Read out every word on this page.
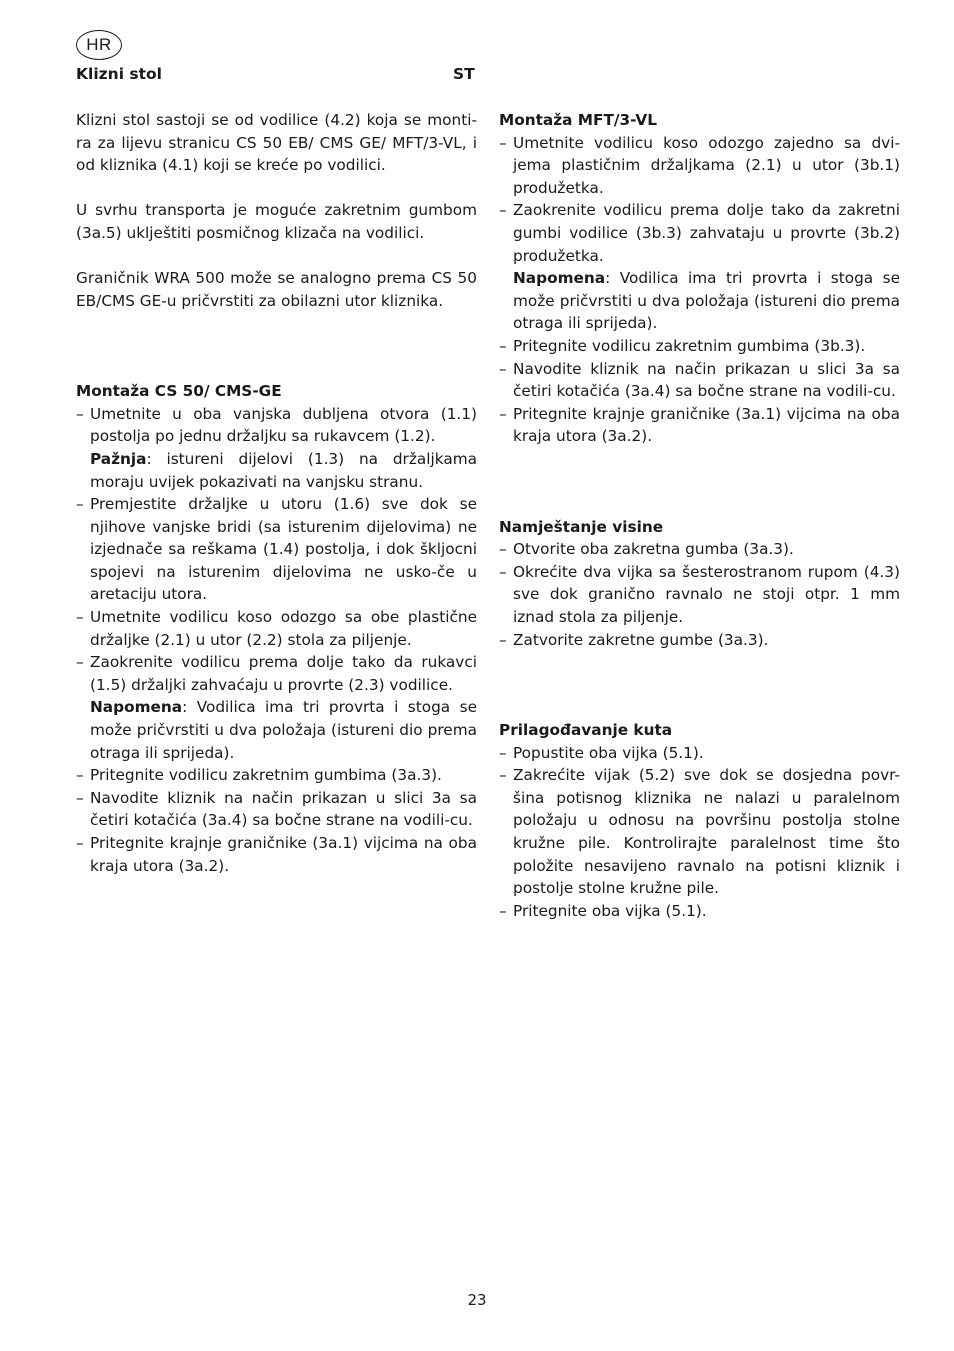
HR
Klizni stol	ST

Klizni stol sastoji se od vodilice (4.2) koja se monti-ra za lijevu stranicu CS 50 EB/ CMS GE/ MFT/3-VL, i od kliznika (4.1) koji se kreće po vodilici.

U svrhu transporta je moguće zakretnim gumbom (3a.5) uklještiti posmičnog klizača na vodilici.

Graničnik WRA 500 može se analogno prema CS 50 EB/CMS GE-u pričvrstiti za obilazni utor kliznika.

Montaža CS 50/ CMS-GE
– Umetnite u oba vanjska dubljena otvora (1.1) postolja po jednu držaljku sa rukavcem (1.2).
Pažnja: istureni dijelovi (1.3) na držaljkama moraju uvijek pokazivati na vanjsku stranu.
– Premjestite držaljke u utoru (1.6) sve dok se njihove vanjske bridi (sa isturenim dijelovima) ne izjednače sa reškama (1.4) postolja, i dok škljocni spojevi na isturenim dijelovima ne usko-če u aretaciju utora.
– Umetnite vodilicu koso odozgo sa obe plastične držaljke (2.1) u utor (2.2) stola za piljenje.
– Zaokrenite vodilicu prema dolje tako da rukavci (1.5) držaljki zahvaćaju u provrte (2.3) vodilice.
Napomena: Vodilica ima tri provrta i stoga se može pričvrstiti u dva položaja (istureni dio prema otraga ili sprijeda).
– Pritegnite vodilicu zakretnim gumbima (3a.3).
– Navodite kliznik na način prikazan u slici 3a sa četiri kotačića (3a.4) sa bočne strane na vodili-cu.
– Pritegnite krajnje graničnike (3a.1) vijcima na oba kraja utora (3a.2).
Montaža MFT/3-VL
– Umetnite vodilicu koso odozgo zajedno sa dvi-jema plastičnim držaljkama (2.1) u utor (3b.1) produžetka.
– Zaokrenite vodilicu prema dolje tako da zakretni gumbi vodilice (3b.3) zahvataju u provrte (3b.2) produžetka.
Napomena: Vodilica ima tri provrta i stoga se može pričvrstiti u dva položaja (istureni dio prema otraga ili sprijeda).
– Pritegnite vodilicu zakretnim gumbima (3b.3).
– Navodite kliznik na način prikazan u slici 3a sa četiri kotačića (3a.4) sa bočne strane na vodili-cu.
– Pritegnite krajnje graničnike (3a.1) vijcima na oba kraja utora (3a.2).
Namještanje visine
– Otvorite oba zakretna gumba (3a.3).
– Okrećite dva vijka sa šesterostranom rupom (4.3) sve dok granično ravnalo ne stoji otpr. 1 mm iznad stola za piljenje.
– Zatvorite zakretne gumbe (3a.3).
Prilagođavanje kuta
– Popustite oba vijka (5.1).
– Zakrećite vijak (5.2) sve dok se dosjedna povr-šina potisnog kliznika ne nalazi u paralelnom položaju u odnosu na površinu postolja stolne kružne pile. Kontrolirajte paralelnost time što položite nesavijeno ravnalo na potisni kliznik i postolje stolne kružne pile.
– Pritegnite oba vijka (5.1).
23
